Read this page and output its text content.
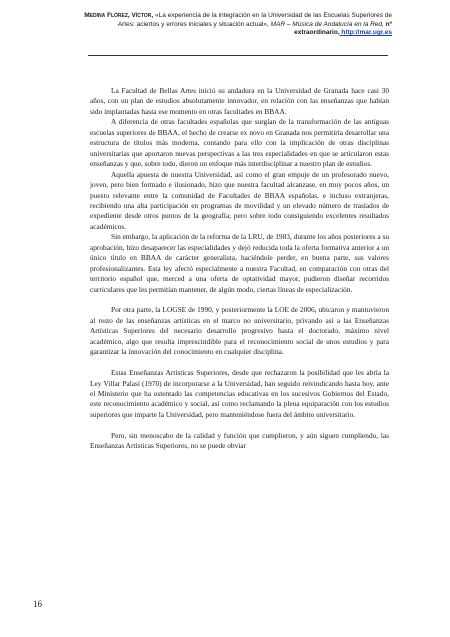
Medina Flórez, Víctor, «La experiencia de la integración en la Universidad de las Escuelas Superiores de Artes: aciertos y errores iniciales y situación actual», MAR – Música de Andalucía en la Red, nº extraordinario, http://mar.ugr.es

La Facultad de Bellas Artes inició su andadura en la Universidad de Granada hace casi 30 años, con un plan de estudios absolutamente innovador, en relación con las enseñanzas que habían sido implantadas hasta ese momento en otras facultades en BBAA.

A diferencia de otras facultades españolas que surgían de la transformación de las antiguas escuelas superiores de BBAA, el hecho de crearse ex novo en Granada nos permitiría desarrollar una estructura de títulos más moderna, contando para ello con la implicación de otras disciplinas universitarias que aportaron nuevas perspectivas a las tres especialidades en que se articularon estas enseñanzas y que, sobre todo, dieron un enfoque más interdisciplinar a nuestro plan de estudios.

Aquella apuesta de nuestra Universidad, así como el gran empuje de un profesorado nuevo, joven, pero bien formado e ilusionado, hizo que nuestra facultad alcanzase, en muy pocos años, un puesto relevante entre la comunidad de Facultades de BBAA españolas, e incluso extranjeras, recibiendo una alta participación en programas de movilidad y un elevado número de traslados de expediente desde otros puntos de la geografía; pero sobre todo consiguiendo excelentes resultados académicos.

Sin embargo, la aplicación de la reforma de la LRU, de 1983, durante los años posteriores a su aprobación, hizo desaparecer las especialidades y dejó reducida toda la oferta formativa anterior a un único título en BBAA de carácter generalista, haciéndole perder, en buena parte, sus valores profesionalizantes. Esta ley afectó especialmente a nuestra Facultad, en comparación con otras del territorio español que, merced a una oferta de optatividad mayor, pudieron diseñar recorridos curriculares que les permitían mantener, de algún modo, ciertas líneas de especialización.

Por otra parte, la LOGSE de 1990, y posteriormente la LOE de 2006, ubicaron y mantuvieron al resto de las enseñanzas artísticas en el marco no universitario, privando así a las Enseñanzas Artísticas Superiores del necesario desarrollo progresivo hasta el doctorado, máximo nivel académico, algo que resulta imprescindible para el reconocimiento social de unos estudios y para garantizar la innovación del conocimiento en cualquier disciplina.

Estas Enseñanzas Artísticas Superiores, desde que rechazaron la posibilidad que les abría la Ley Villar Palasí (1970) de incorporarse a la Universidad, han seguido reivindicando hasta hoy, ante el Ministerio que ha ostentado las competencias educativas en los sucesivos Gobiernos del Estado, este reconocimiento académico y social, así como reclamando la plena equiparación con los estudios superiores que imparte la Universidad, pero manteniéndose fuera del ámbito universitario.

Pero, sin menoscabo de la calidad y función que cumplieron, y aún siguen cumpliendo, las Enseñanzas Artísticas Superiores, no se puede obviar

16
